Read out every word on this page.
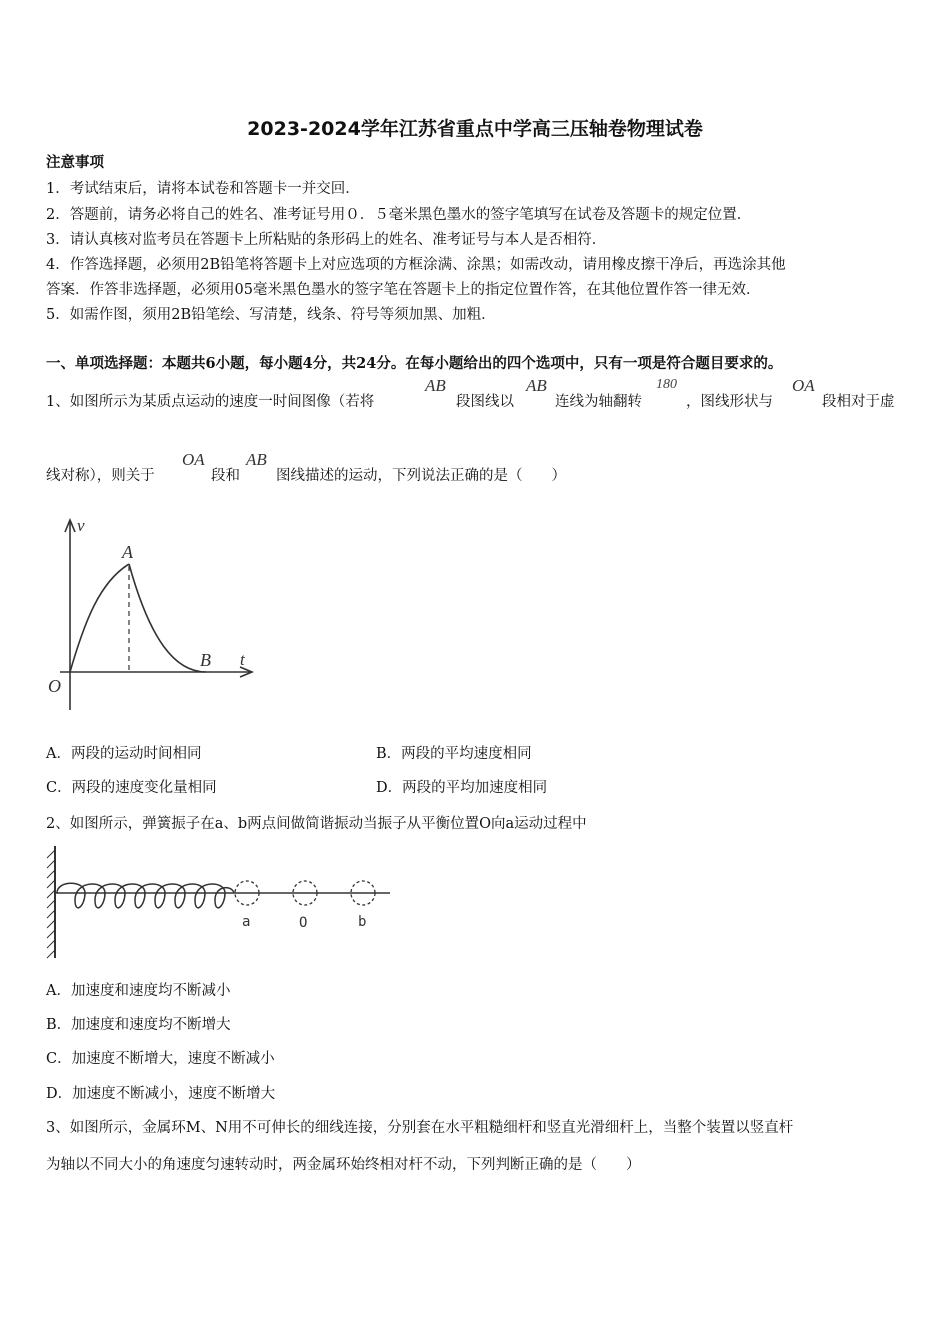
2023-2024学年江苏省重点中学高三压轴卷物理试卷
注意事项
1．考试结束后，请将本试卷和答题卡一并交回．
2．答题前，请务必将自己的姓名、准考证号用０．５毫米黑色墨水的签字笔填写在试卷及答题卡的规定位置．
3．请认真核对监考员在答题卡上所粘贴的条形码上的姓名、准考证号与本人是否相符．
4．作答选择题，必须用2B铅笔将答题卡上对应选项的方框涂满、涂黑；如需改动，请用橡皮擦干净后，再选涂其他
答案．作答非选择题，必须用05毫米黑色墨水的签字笔在答题卡上的指定位置作答，在其他位置作答一律无效．
5．如需作图，须用2B铅笔绘、写清楚，线条、符号等须加黑、加粗．
一、单项选择题：本题共6小题，每小题4分，共24分。在每小题给出的四个选项中，只有一项是符合题目要求的。
1、如图所示为某质点运动的速度一时间图像（若将
AB
段图线以
AB
连线为轴翻转
180
，图线形状与
OA
段相对于虚
线对称），则关于
OA
段和
AB
图线描述的运动，下列说法正确的是（　　）
v
t
O
A
B
A．两段的运动时间相同	B．两段的平均速度相同
C．两段的速度变化量相同	D．两段的平均加速度相同
2、如图所示，弹簧振子在a、b两点间做简谐振动当振子从平衡位置O向a运动过程中
a	O	b
A．加速度和速度均不断减小
B．加速度和速度均不断增大
C．加速度不断增大，速度不断减小
D．加速度不断减小，速度不断增大
3、如图所示，金属环M、N用不可伸长的细线连接，分别套在水平粗糙细杆和竖直光滑细杆上，当整个装置以竖直杆
为轴以不同大小的角速度匀速转动时，两金属环始终相对杆不动，下列判断正确的是（　　）
